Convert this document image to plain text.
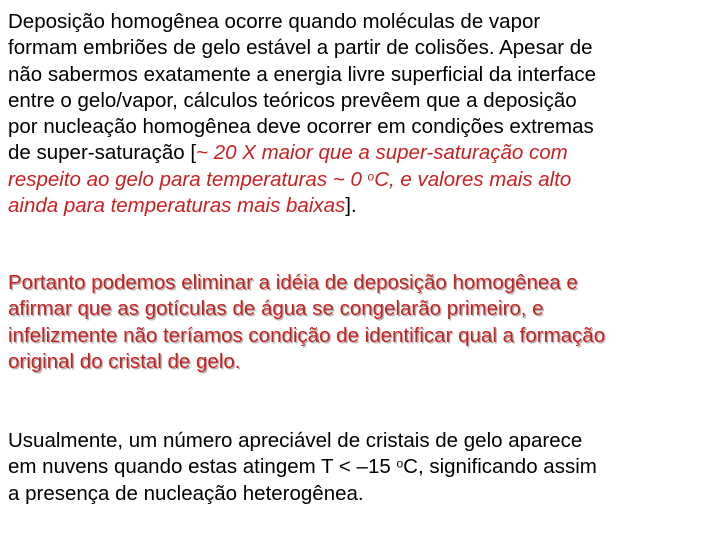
Deposição homogênea ocorre quando moléculas de vapor
formam embriões de gelo estável a partir de colisões. Apesar de
não sabermos exatamente a energia livre superficial da interface
entre o gelo/vapor, cálculos teóricos prevêem que a deposição
por nucleação homogênea deve ocorrer em condições extremas
de super-saturação [~ 20 X maior que a super-saturação com
respeito ao gelo para temperaturas ~ 0 $^o$C, e valores mais alto
ainda para temperaturas mais baixas].

Portanto podemos eliminar a idéia de deposição homogênea e
afirmar que as gotículas de água se congelarão primeiro, e
infelizmente não teríamos condição de identificar qual a formação
original do cristal de gelo.

Usualmente, um número apreciável de cristais de gelo aparece
em nuvens quando estas atingem T < –15 $^o$C, significando assim
a presença de nucleação heterogênea.
